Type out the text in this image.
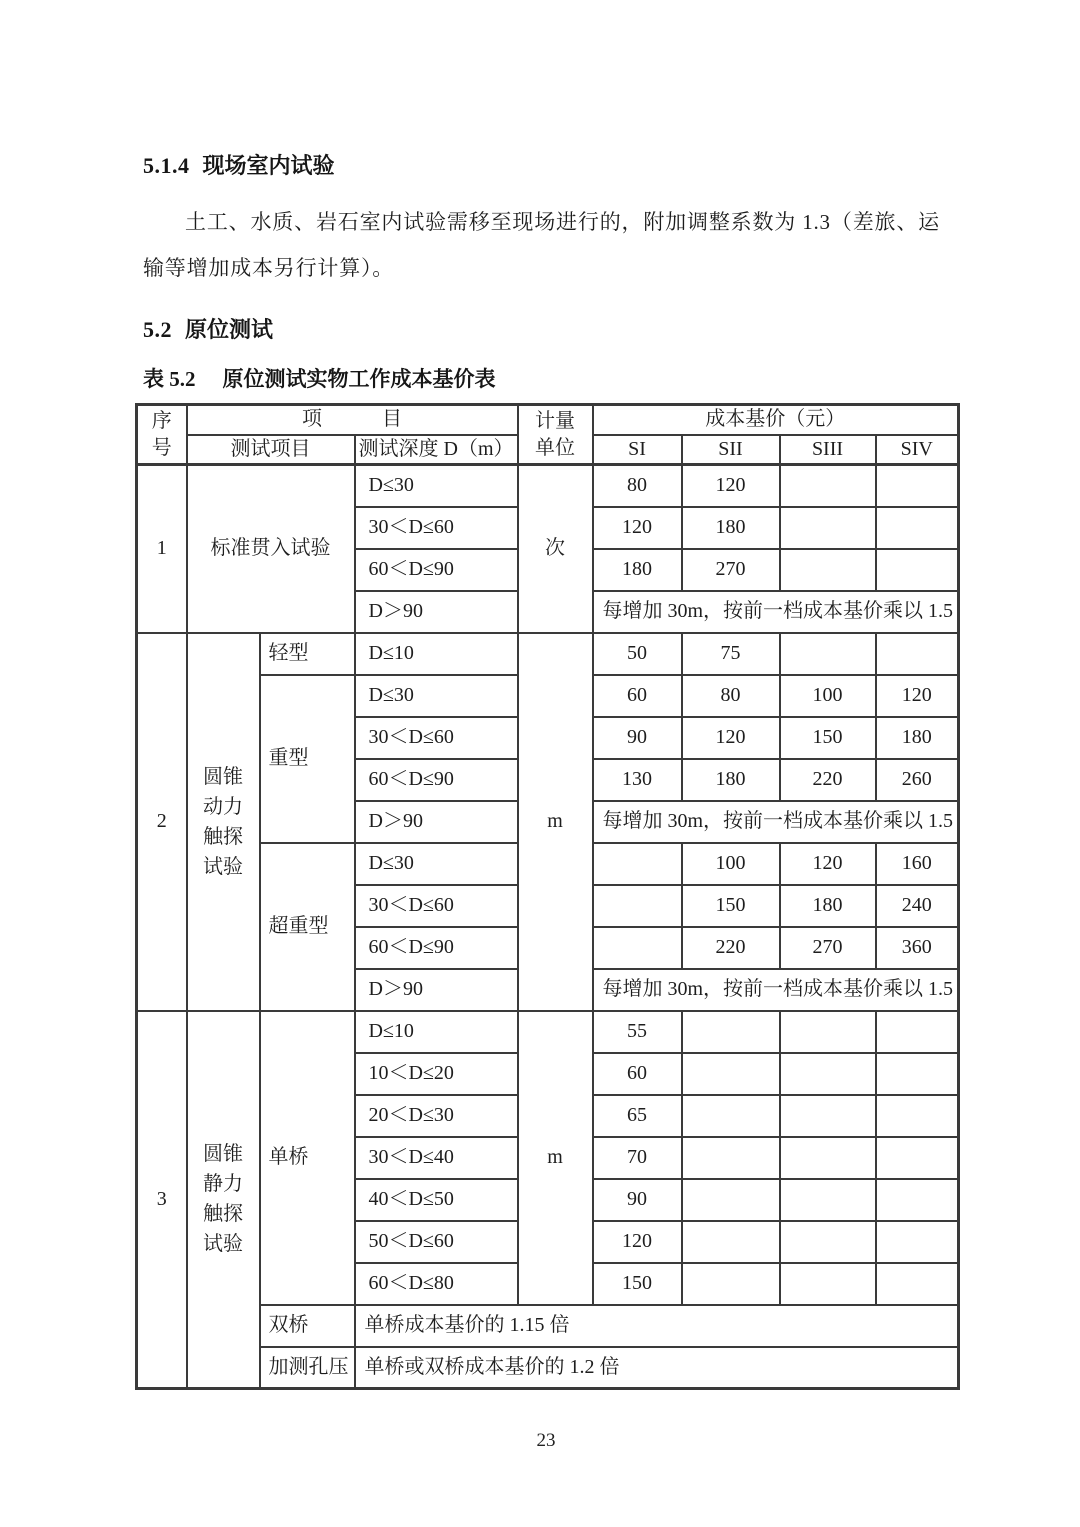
5.1.4 现场室内试验

土工、水质、岩石室内试验需移至现场进行的，附加调整系数为 1.3（差旅、运输等增加成本另行计算）。

5.2 原位测试
表 5.2 原位测试实物工作成本基价表
序号	项　　　目			计量单位	成本基价（元）			
	测试项目		测试深度 D（m）		SI	SII	SIII	SIV
1	标准贯入试验		D≤30	次	80	120		
			30＜D≤60		120	180		
			60＜D≤90		180	270		
			D＞90		每增加 30m，按前一档成本基价乘以 1.5			
2	圆锥动力触探试验	轻型	D≤10	m	50	75		
		重型	D≤30		60	80	100	120
			30＜D≤60		90	120	150	180
			60＜D≤90		130	180	220	260
			D＞90		每增加 30m，按前一档成本基价乘以 1.5			
		超重型	D≤30			100	120	160
			30＜D≤60			150	180	240
			60＜D≤90			220	270	360
			D＞90		每增加 30m，按前一档成本基价乘以 1.5			
3	圆锥静力触探试验	单桥	D≤10	m	55			
			10＜D≤20		60			
			20＜D≤30		65			
			30＜D≤40		70			
			40＜D≤50		90			
			50＜D≤60		120			
			60＜D≤80		150			
		双桥	单桥成本基价的 1.15 倍					
		加测孔压	单桥或双桥成本基价的 1.2 倍					
23
